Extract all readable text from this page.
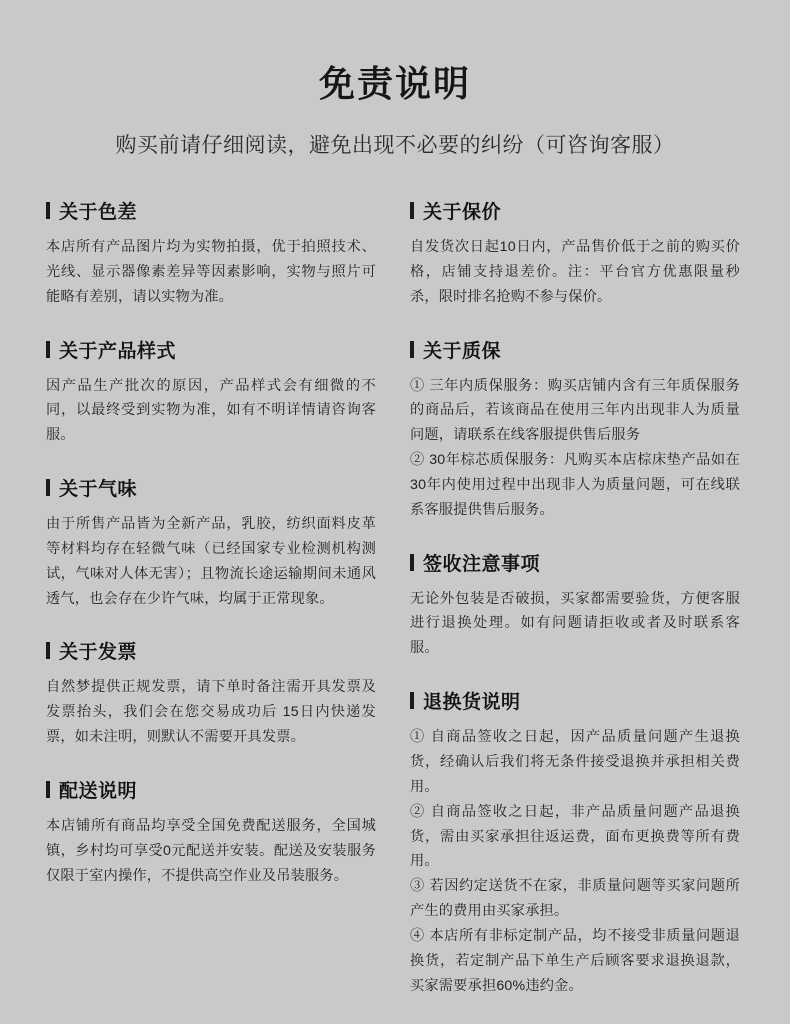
免责说明
购买前请仔细阅读，避免出现不必要的纠纷（可咨询客服）
关于色差

本店所有产品图片均为实物拍摄，优于拍照技术、光线、显示器像素差异等因素影响，实物与照片可能略有差别，请以实物为准。

关于产品样式

因产品生产批次的原因，产品样式会有细微的不同，以最终受到实物为准，如有不明详情请咨询客服。

关于气味

由于所售产品皆为全新产品，乳胶，纺织面料皮革等材料均存在轻微气味（已经国家专业检测机构测试，气味对人体无害）；且物流长途运输期间未通风透气，也会存在少许气味，均属于正常现象。

关于发票

自然梦提供正规发票，请下单时备注需开具发票及发票抬头，我们会在您交易成功后 15日内快递发票，如未注明，则默认不需要开具发票。

配送说明

本店铺所有商品均享受全国免费配送服务，全国城镇，乡村均可享受0元配送并安装。配送及安装服务仅限于室内操作，不提供高空作业及吊装服务。

关于保价

自发货次日起10日内，产品售价低于之前的购买价格，店铺支持退差价。注：平台官方优惠限量秒杀，限时排名抢购不参与保价。

关于质保

① 三年内质保服务：购买店铺内含有三年质保服务的商品后，若该商品在使用三年内出现非人为质量问题，请联系在线客服提供售后服务

② 30年棕芯质保服务：凡购买本店棕床垫产品如在30年内使用过程中出现非人为质量问题，可在线联系客服提供售后服务。

签收注意事项

无论外包装是否破损，买家都需要验货，方便客服进行退换处理。如有问题请拒收或者及时联系客服。

退换货说明

① 自商品签收之日起，因产品质量问题产生退换货，经确认后我们将无条件接受退换并承担相关费用。

② 自商品签收之日起，非产品质量问题产品退换货，需由买家承担往返运费，面布更换费等所有费用。

③ 若因约定送货不在家，非质量问题等买家问题所产生的费用由买家承担。

④ 本店所有非标定制产品，均不接受非质量问题退换货，若定制产品下单生产后顾客要求退换退款，买家需要承担60%违约金。
